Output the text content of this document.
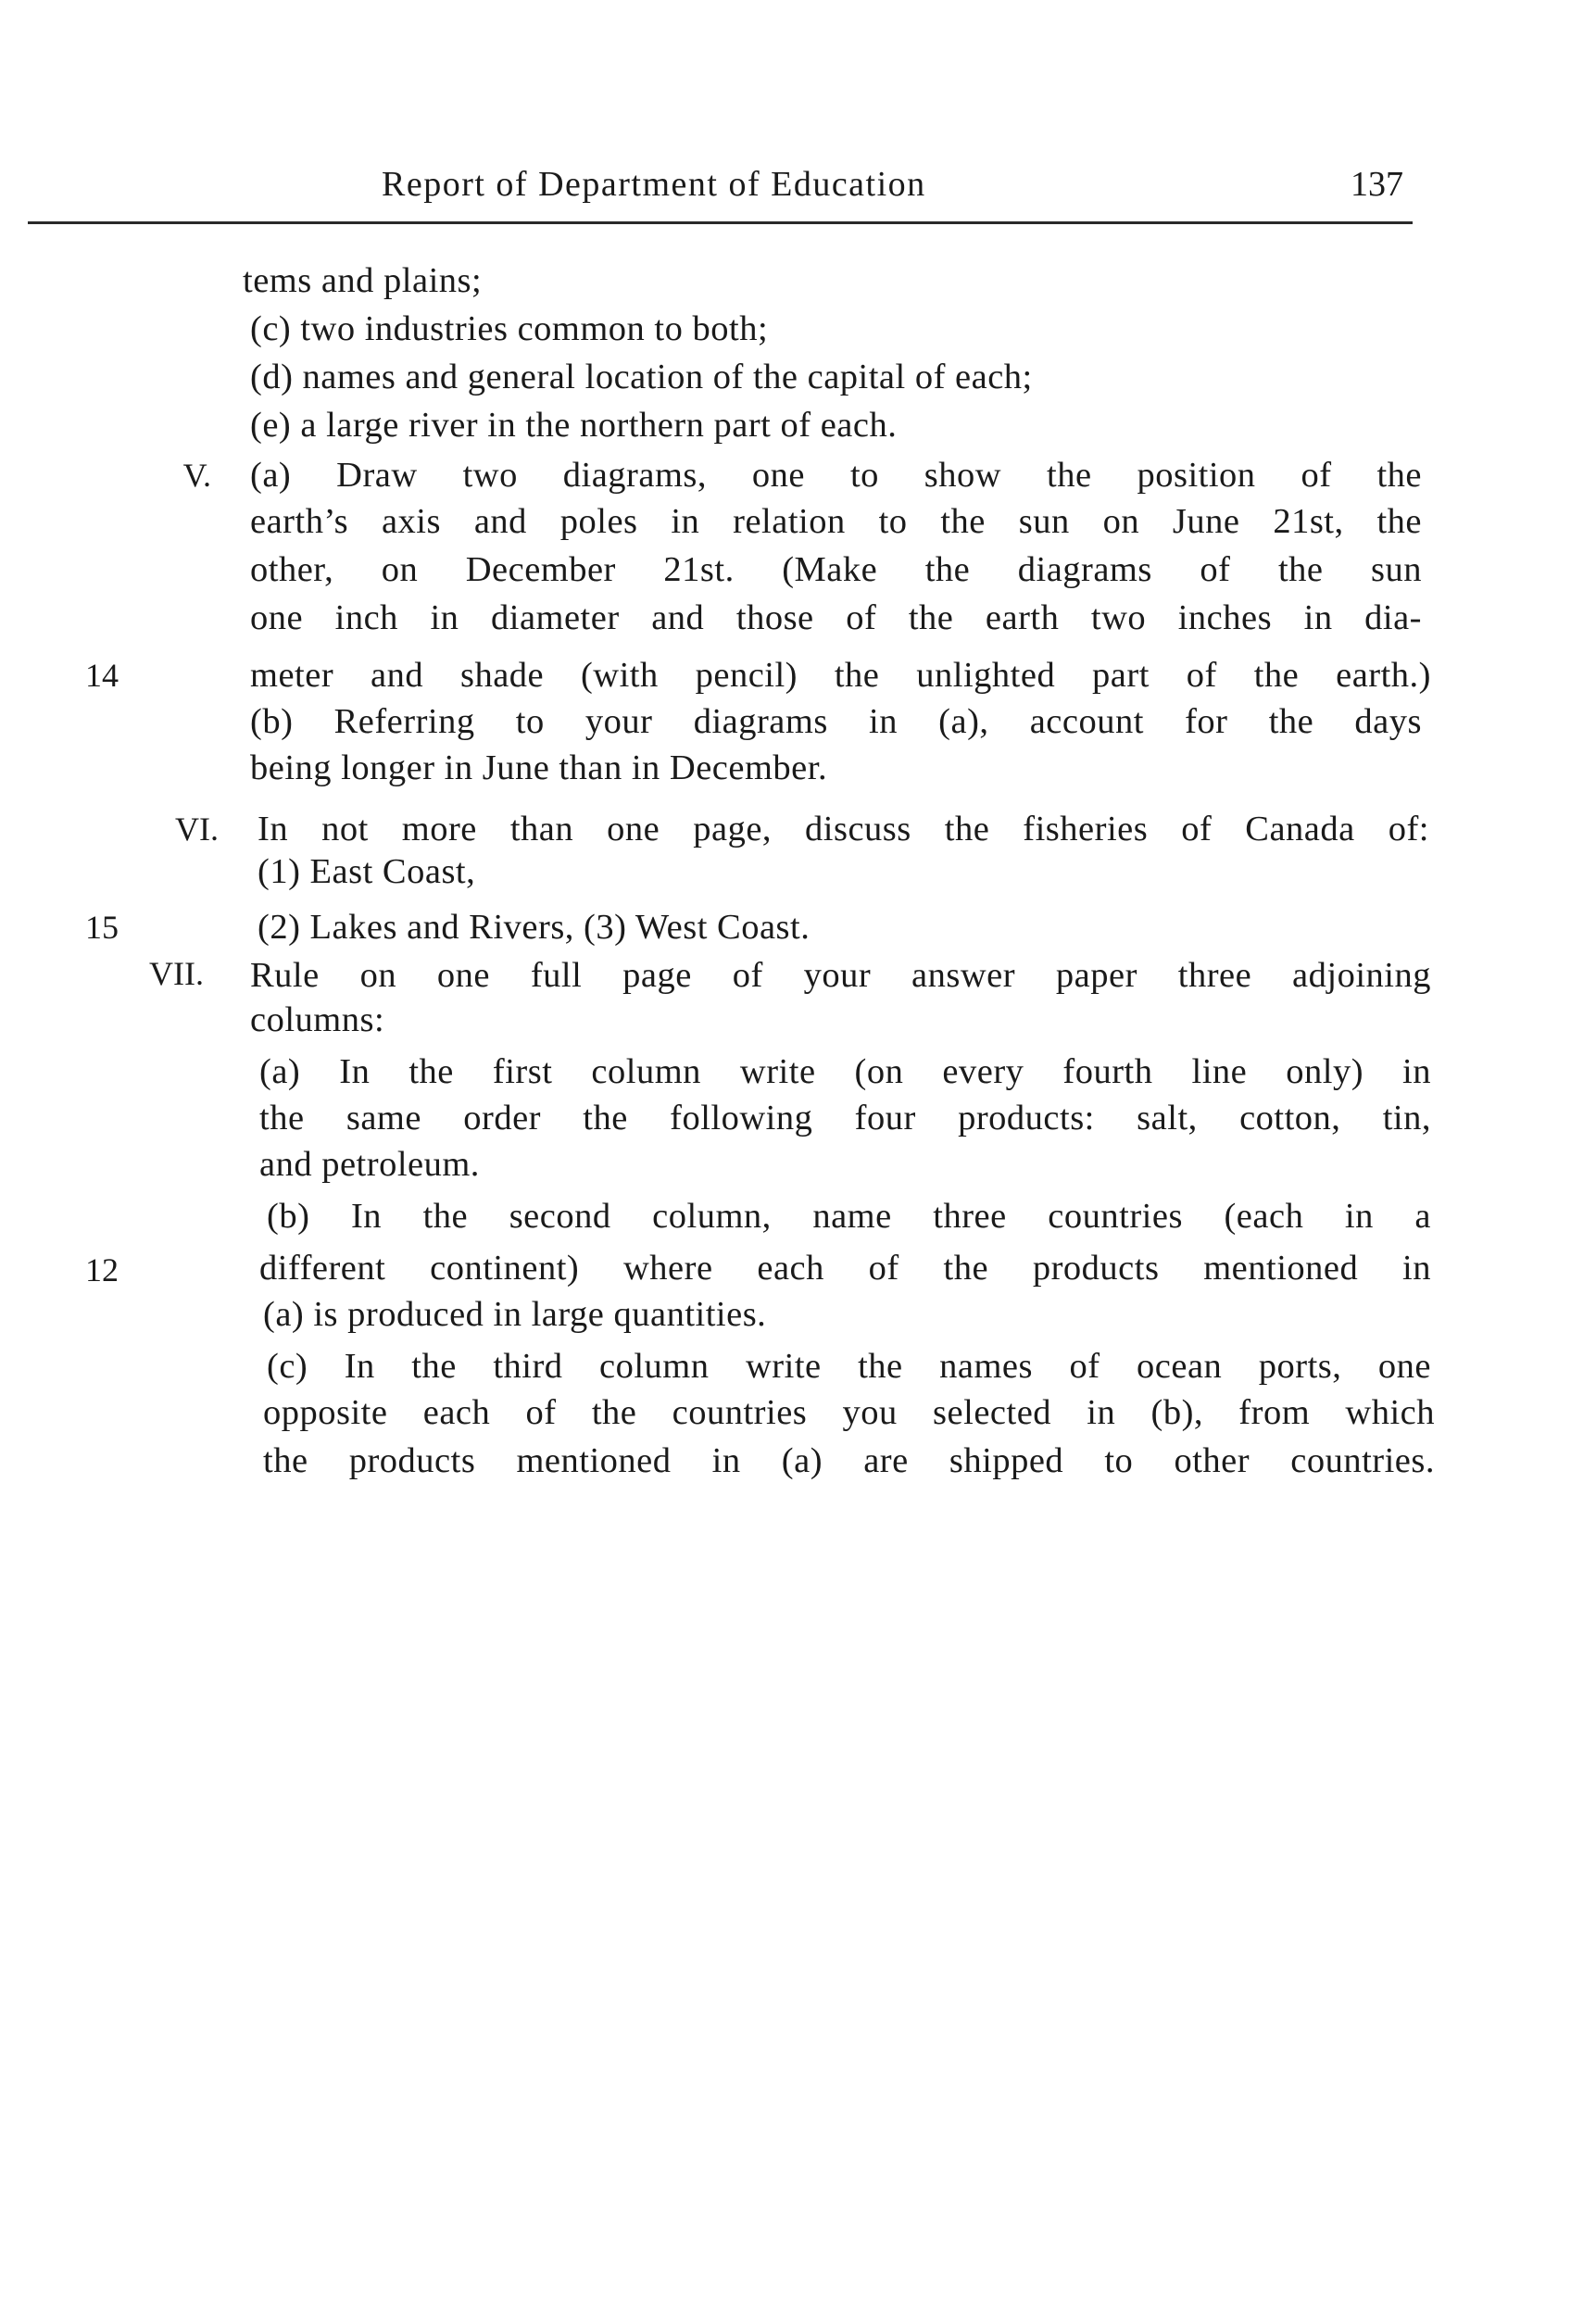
Report of Department of Education	137
V.
VI.
VII.
14
15
12
tems and plains;
(c) two industries common to both;
(d) names and general location of the capital of each;
(e) a large river in the northern part of each.
(a) Draw two diagrams, one to show the position of the
earth’s axis and poles in relation to the sun on June 21st, the
other, on December 21st. (Make the diagrams of the sun
one inch in diameter and those of the earth two inches in dia-
meter and shade (with pencil) the unlighted part of the earth.)
(b) Referring to your diagrams in (a), account for the days
being longer in June than in December.
In not more than one page, discuss the fisheries of Canada of:
(1) East Coast,
(2) Lakes and Rivers, (3) West Coast.
Rule on one full page of your answer paper three adjoining
columns:
(a) In the first column write (on every fourth line only) in
the same order the following four products: salt, cotton, tin,
and petroleum.
(b) In the second column, name three countries (each in a
different continent) where each of the products mentioned in
(a) is produced in large quantities.
(c) In the third column write the names of ocean ports, one
opposite each of the countries you selected in (b), from which
the products mentioned in (a) are shipped to other countries.
